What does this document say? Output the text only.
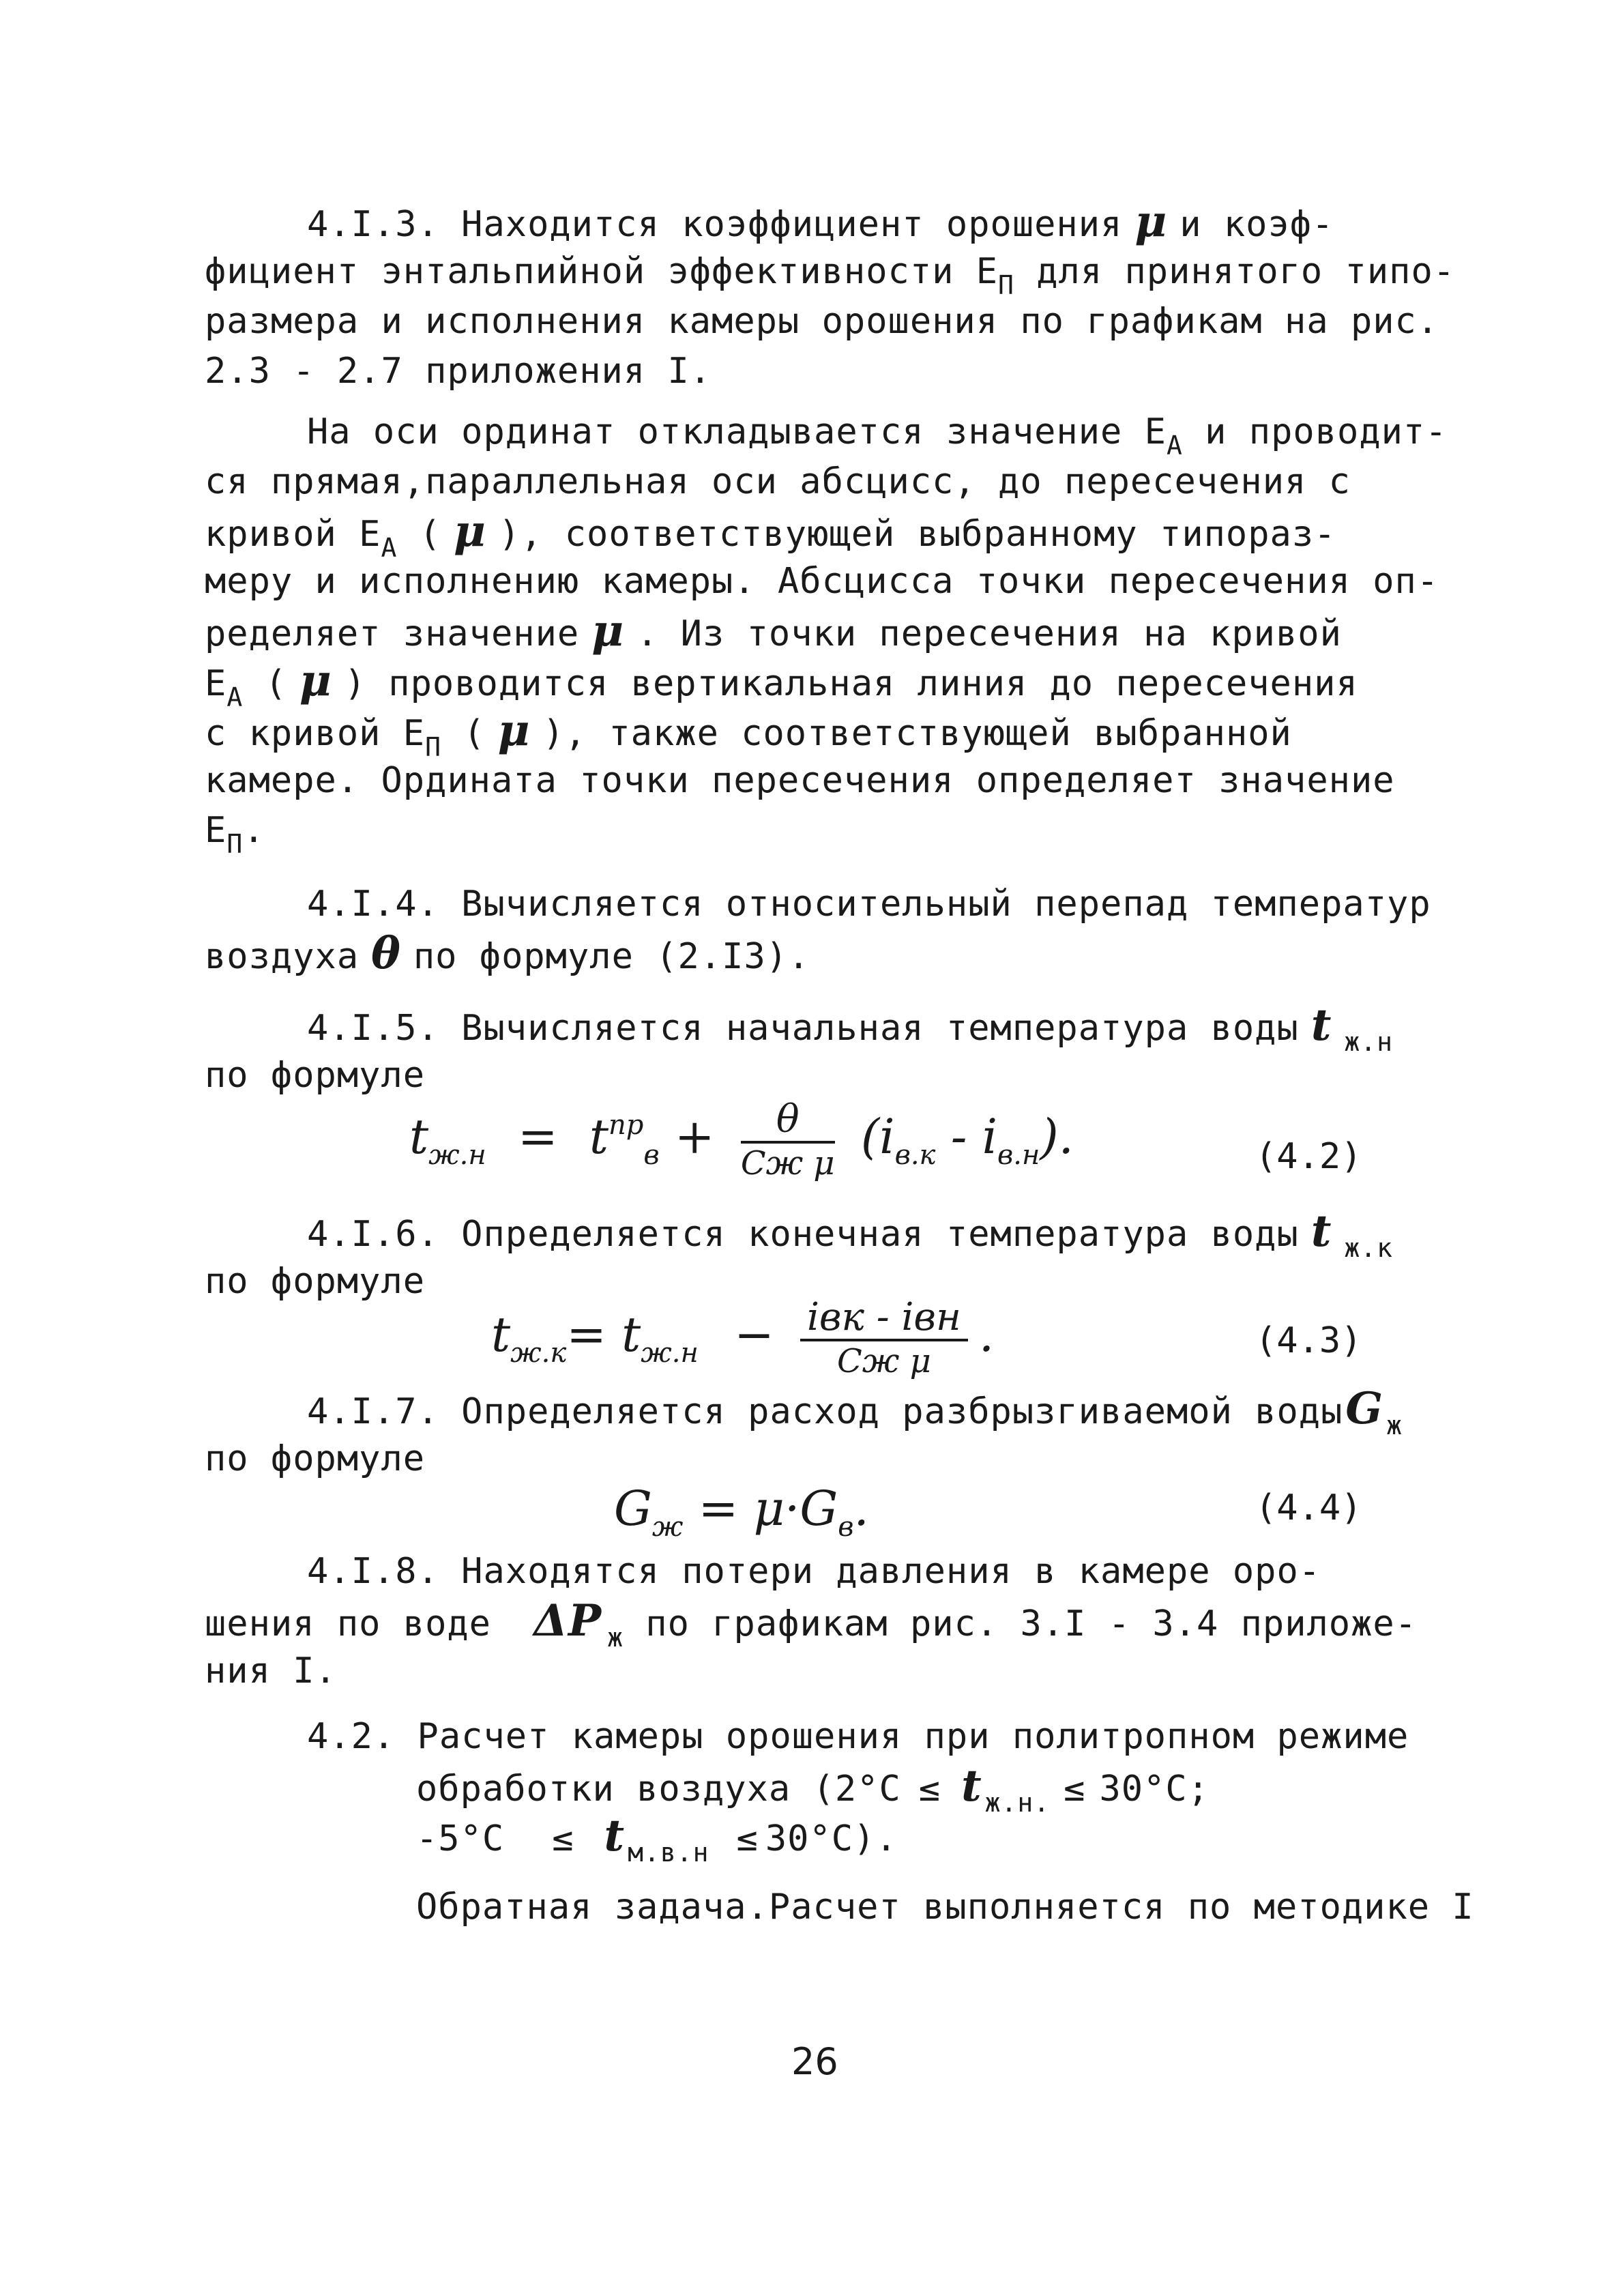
4.I.3. Находится коэффициент орошения μ и коэф-
фициент энтальпийной эффективности $Е_П$ для принятого типо-
размера и исполнения камеры орошения по графикам на рис.
2.3 - 2.7 приложения I.
На оси ординат откладывается значение $Е_А$ и проводит-
ся прямая,параллельная оси абсцисс, до пересечения с
кривой $Е_А$ ( μ ), соответствующей выбранному типораз-
меру и исполнению камеры. Абсцисса точки пересечения оп-
ределяет значение μ . Из точки пересечения на кривой
$Е_А$ ( μ ) проводится вертикальная линия до пересечения
с кривой $Е_П$ ( μ ), также соответствующей выбранной
камере. Ордината точки пересечения определяет значение
$Е_П$.
4.I.4. Вычисляется относительный перепад температур
воздуха θ по формуле (2.I3).
4.I.5. Вычисляется начальная температура воды t $_{ж.н}$
по формуле
$t_{ж.н} = t^{пр}_в + \frac{\theta}{\text{Cж μ}} (i_{в.к} - i_{в.н})$.	(4.2)
4.I.6. Определяется конечная температура воды t $_{ж.к}$
по формуле
$t_{ж.к}= t_{ж.н} - \frac{\text{iвк - iвн}}{\text{Cж μ}}$ .	(4.3)
4.I.7. Определяется расход разбрызгиваемой водыG $_ж$
по формуле
$G_ж = \mu\cdot G_в$.	(4.4)
4.I.8. Находятся потери давления в камере оро-
шения по воде ΔР $_ж$ по графикам рис. 3.I - 3.4 приложе-
ния I.
4.2. Расчет камеры орошения при политропном режиме
обработки воздуха (2°С ≤ t $_{ж.н.}$ ≤ 30°С;
-5°С ≤ t $_{м.в.н}$ ≤ 30°С).
Обратная задача.Расчет выполняется по методике I
26
